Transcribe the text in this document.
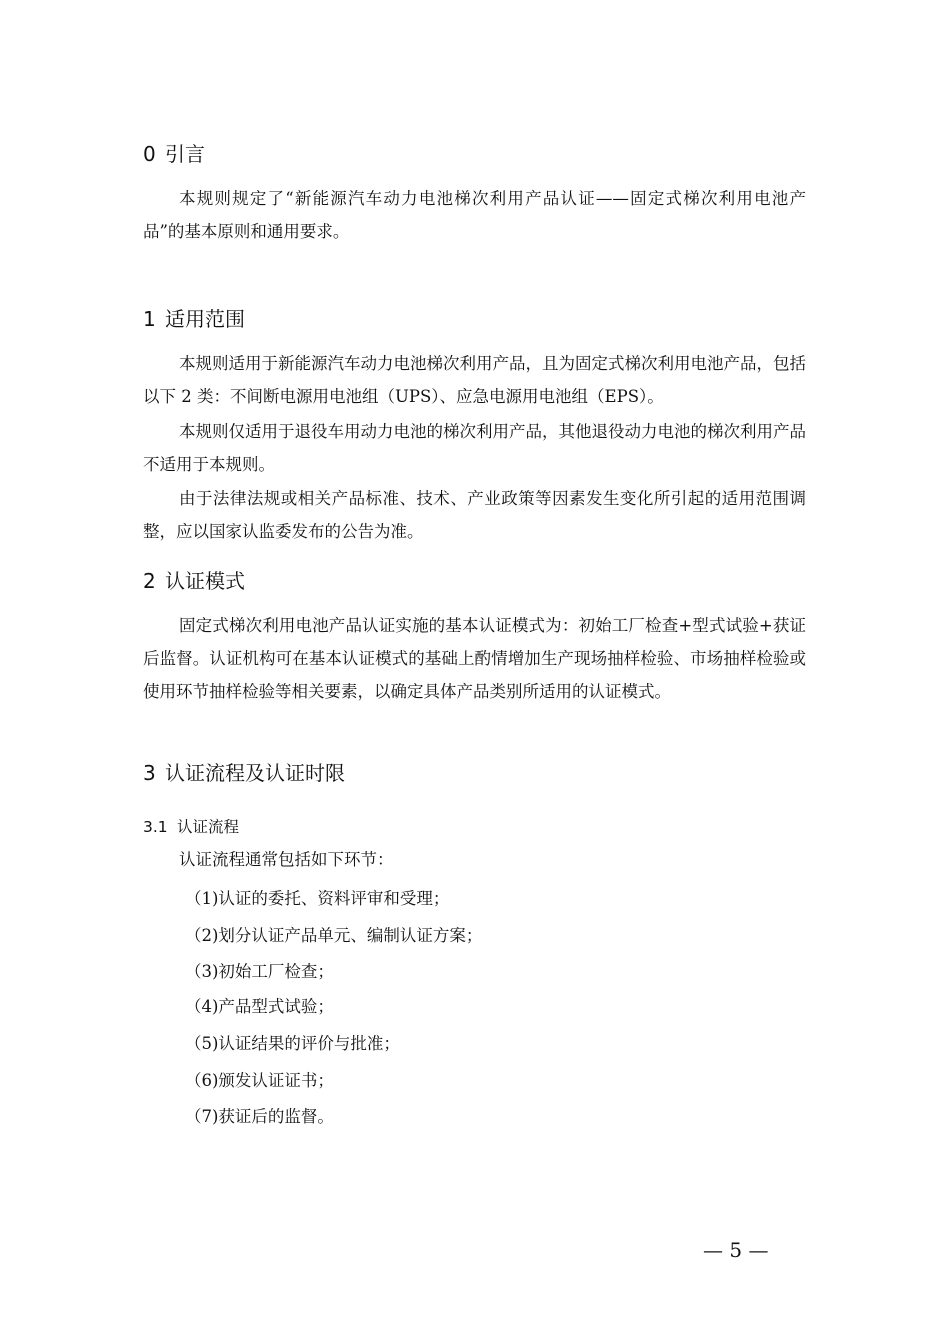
0 引言
本规则规定了“新能源汽车动力电池梯次利用产品认证——固定式梯次利用电池产品”的基本原则和通用要求。
1 适用范围
本规则适用于新能源汽车动力电池梯次利用产品，且为固定式梯次利用电池产品，包括以下 2 类：不间断电源用电池组（UPS）、应急电源用电池组（EPS）。
本规则仅适用于退役车用动力电池的梯次利用产品，其他退役动力电池的梯次利用产品不适用于本规则。
由于法律法规或相关产品标准、技术、产业政策等因素发生变化所引起的适用范围调整，应以国家认监委发布的公告为准。
2 认证模式
固定式梯次利用电池产品认证实施的基本认证模式为：初始工厂检查+型式试验+获证后监督。认证机构可在基本认证模式的基础上酌情增加生产现场抽样检验、市场抽样检验或使用环节抽样检验等相关要素，以确定具体产品类别所适用的认证模式。
3 认证流程及认证时限
3.1 认证流程
认证流程通常包括如下环节：
（1)认证的委托、资料评审和受理；
（2)划分认证产品单元、编制认证方案；
（3)初始工厂检查；
（4)产品型式试验；
（5)认证结果的评价与批准；
（6)颁发认证证书；
（7)获证后的监督。
— 5 —
